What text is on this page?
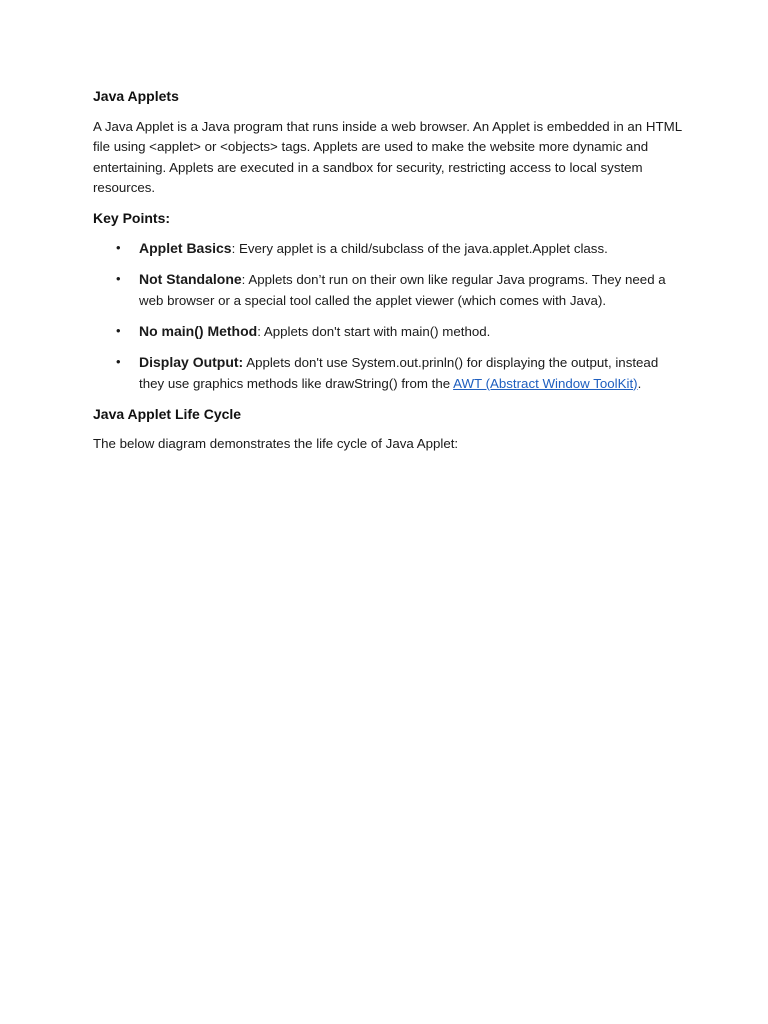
Java Applets

A Java Applet is a Java program that runs inside a web browser. An Applet is embedded in an HTML file using <applet> or <objects> tags. Applets are used to make the website more dynamic and entertaining. Applets are executed in a sandbox for security, restricting access to local system resources.

Key Points:
• Applet Basics: Every applet is a child/subclass of the java.applet.Applet class.
• Not Standalone: Applets don’t run on their own like regular Java programs. They need a web browser or a special tool called the applet viewer (which comes with Java).
• No main() Method: Applets don't start with main() method.
• Display Output: Applets don't use System.out.prinln() for displaying the output, instead they use graphics methods like drawString() from the AWT (Abstract Window ToolKit).
Java Applet Life Cycle

The below diagram demonstrates the life cycle of Java Applet:
